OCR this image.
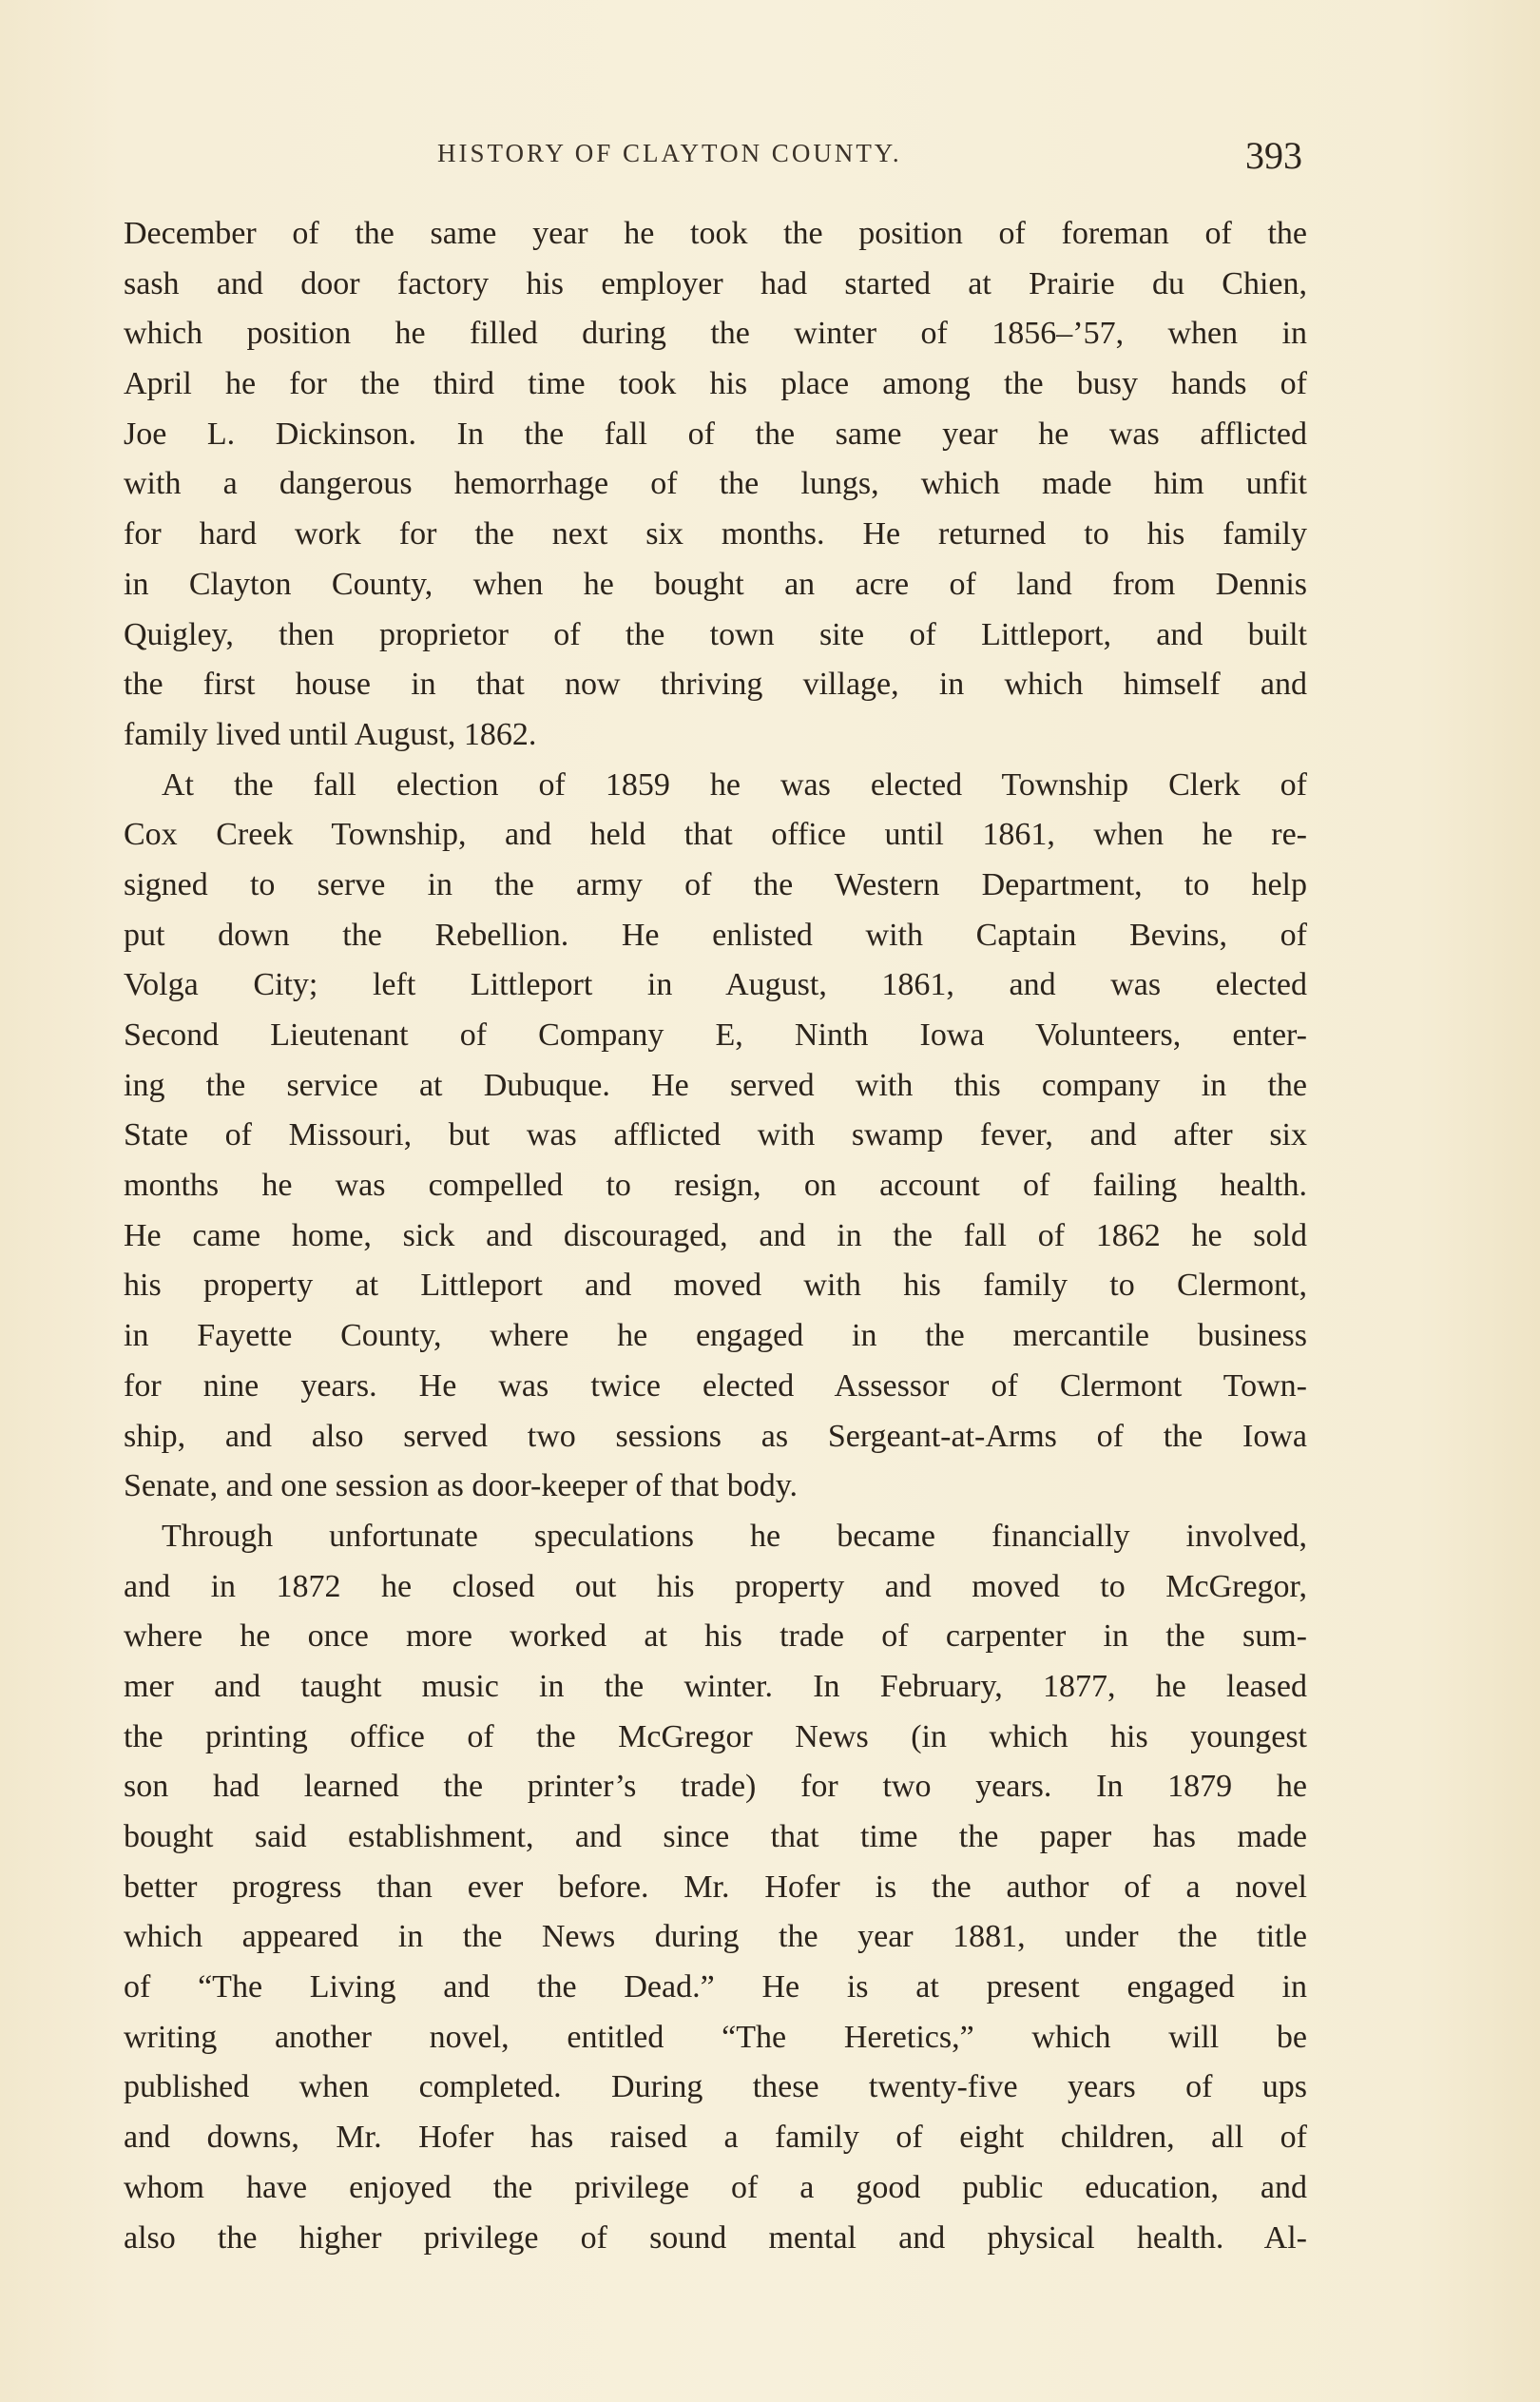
HISTORY OF CLAYTON COUNTY.	393
December of the same year he took the position of foreman of the
sash and door factory his employer had started at Prairie du Chien,
which position he filled during the winter of 1856–’57, when in
April he for the third time took his place among the busy hands of
Joe L. Dickinson. In the fall of the same year he was afflicted
with a dangerous hemorrhage of the lungs, which made him unfit
for hard work for the next six months. He returned to his family
in Clayton County, when he bought an acre of land from Dennis
Quigley, then proprietor of the town site of Littleport, and built
the first house in that now thriving village, in which himself and
family lived until August, 1862.
At the fall election of 1859 he was elected Township Clerk of
Cox Creek Township, and held that office until 1861, when he re-
signed to serve in the army of the Western Department, to help
put down the Rebellion. He enlisted with Captain Bevins, of
Volga City; left Littleport in August, 1861, and was elected
Second Lieutenant of Company E, Ninth Iowa Volunteers, enter-
ing the service at Dubuque. He served with this company in the
State of Missouri, but was afflicted with swamp fever, and after six
months he was compelled to resign, on account of failing health.
He came home, sick and discouraged, and in the fall of 1862 he sold
his property at Littleport and moved with his family to Clermont,
in Fayette County, where he engaged in the mercantile business
for nine years. He was twice elected Assessor of Clermont Town-
ship, and also served two sessions as Sergeant-at-Arms of the Iowa
Senate, and one session as door-keeper of that body.
Through unfortunate speculations he became financially involved,
and in 1872 he closed out his property and moved to McGregor,
where he once more worked at his trade of carpenter in the sum-
mer and taught music in the winter. In February, 1877, he leased
the printing office of the McGregor News (in which his youngest
son had learned the printer’s trade) for two years. In 1879 he
bought said establishment, and since that time the paper has made
better progress than ever before. Mr. Hofer is the author of a novel
which appeared in the News during the year 1881, under the title
of “The Living and the Dead.” He is at present engaged in
writing another novel, entitled “The Heretics,” which will be
published when completed. During these twenty-five years of ups
and downs, Mr. Hofer has raised a family of eight children, all of
whom have enjoyed the privilege of a good public education, and
also the higher privilege of sound mental and physical health. Al-
